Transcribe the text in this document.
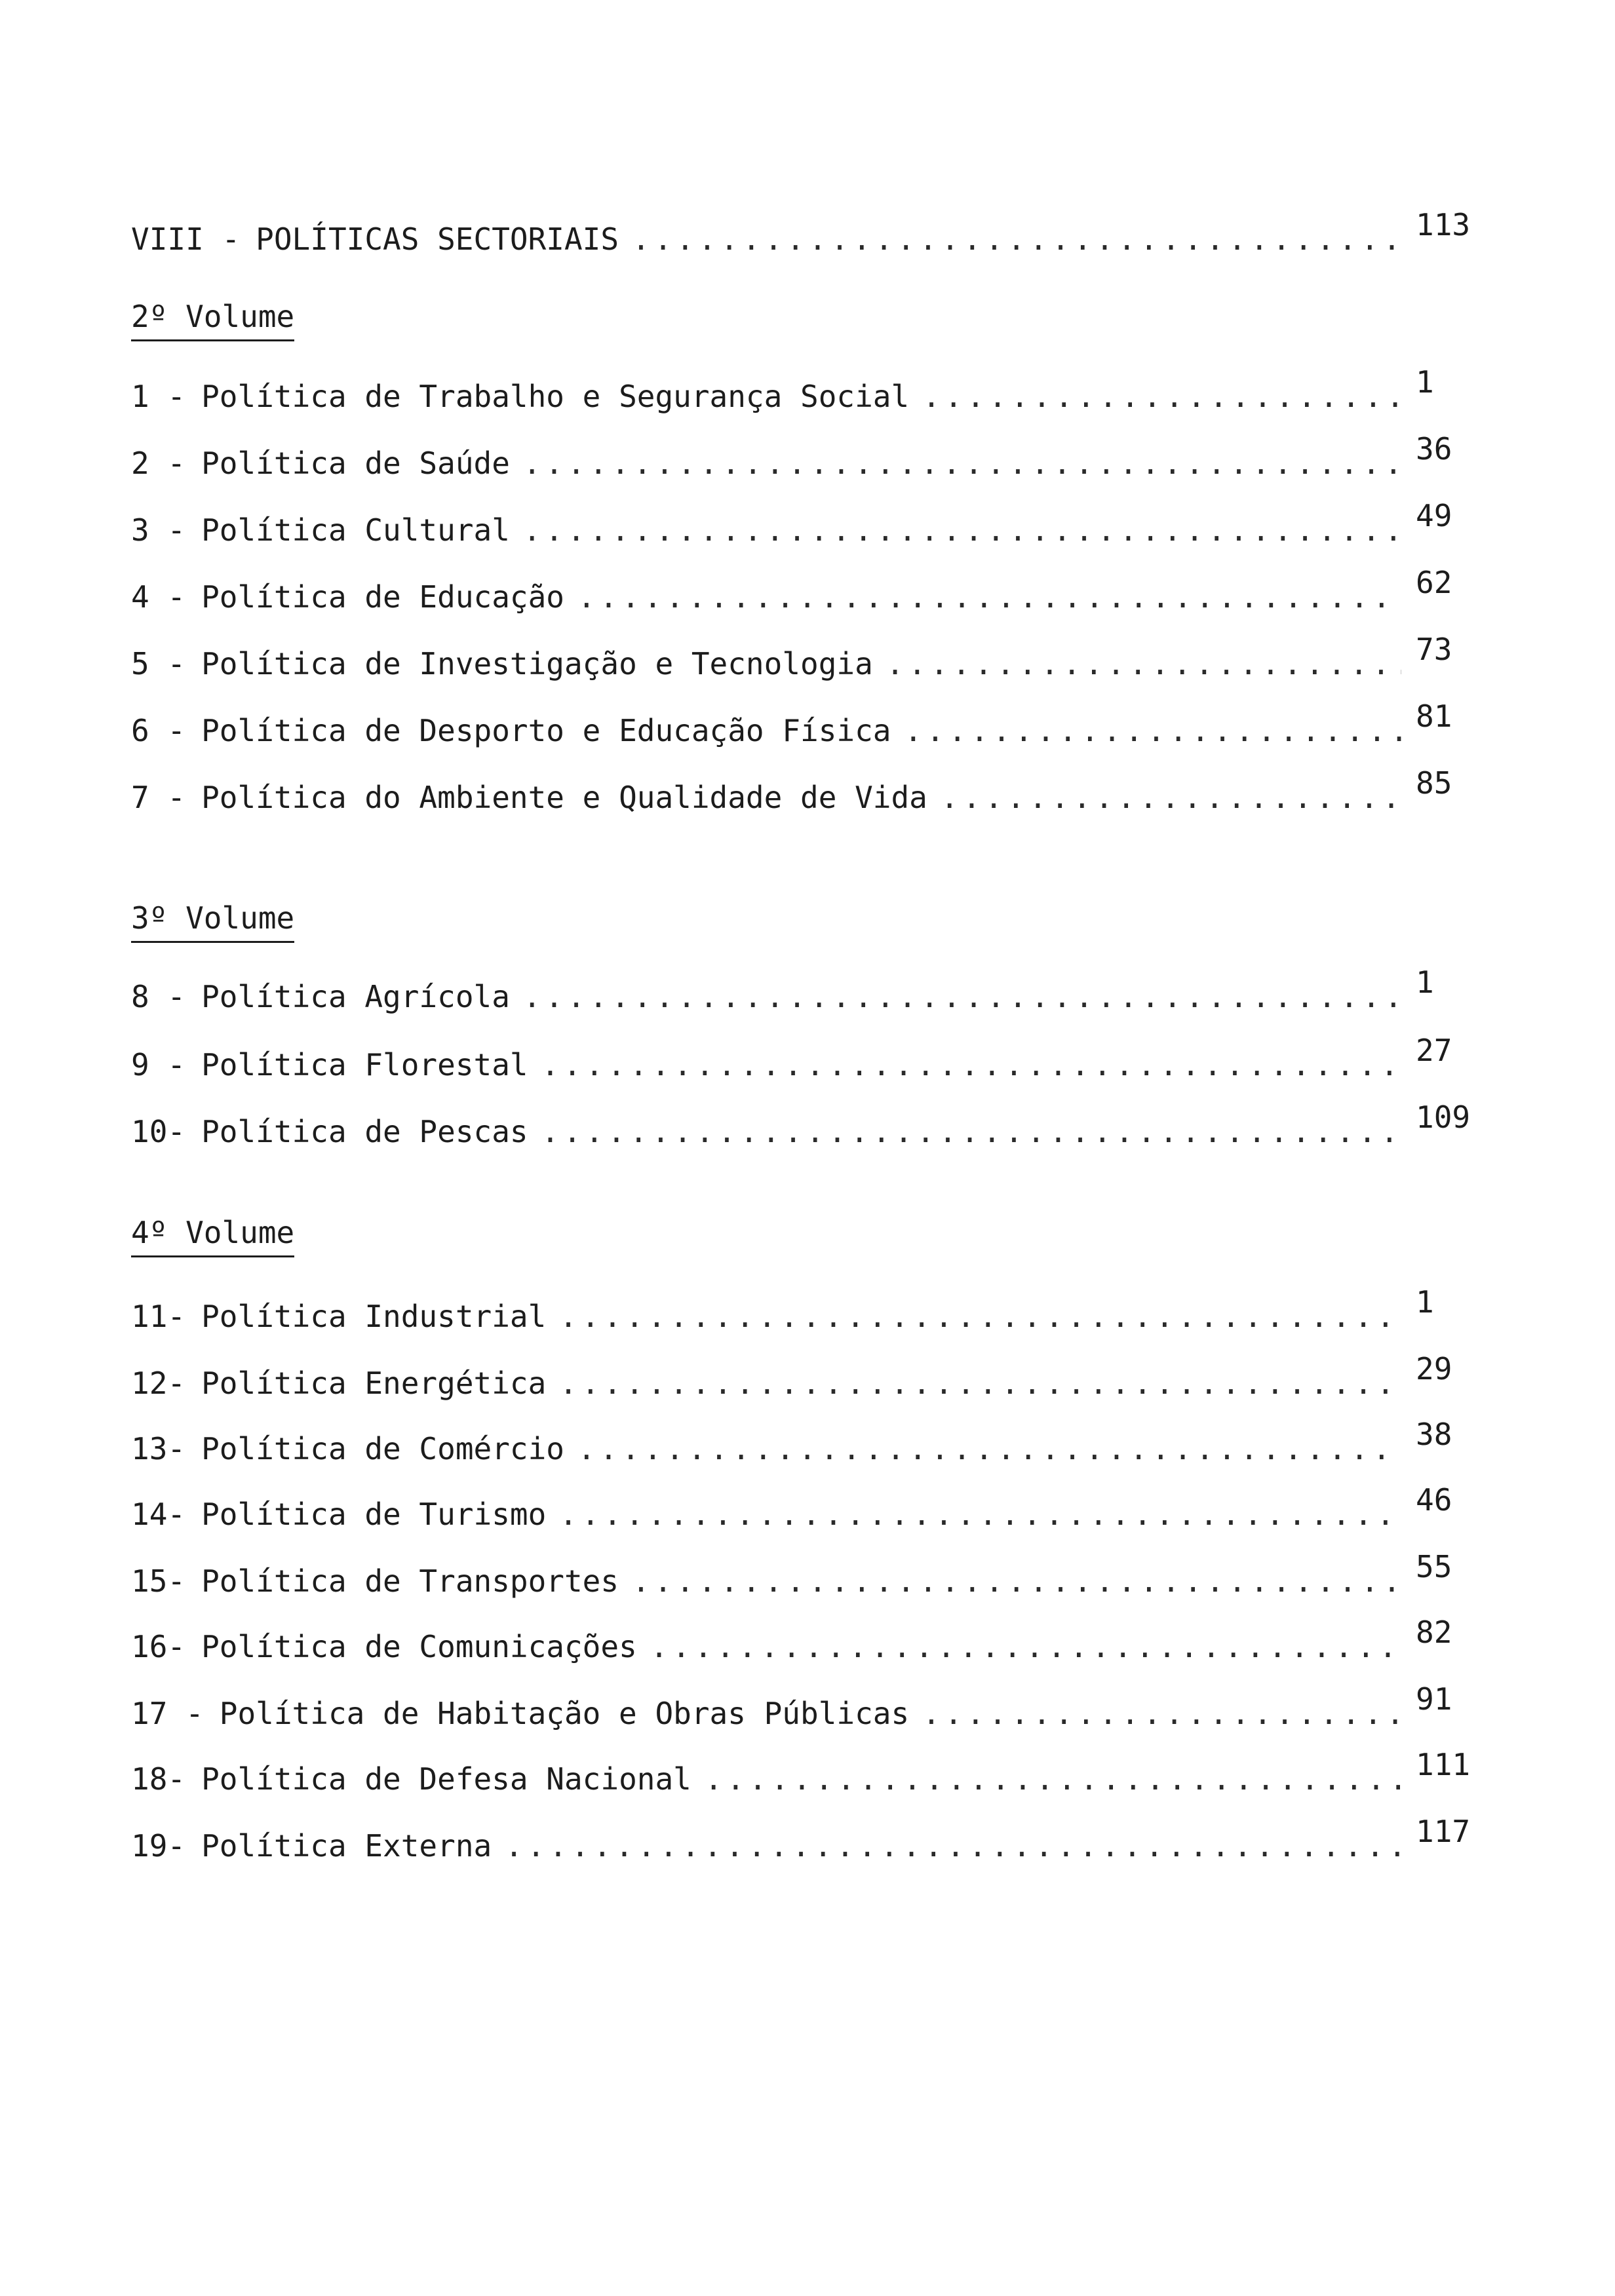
VIII - POLÍTICAS SECTORIAIS .....	113
2º Volume
1 - Política de Trabalho e Segurança Social .....	1
2 - Política de Saúde .....	36
3 - Política Cultural .....	49
4 - Política de Educação .....	62
5 - Política de Investigação e Tecnologia .....	73
6 - Política de Desporto e Educação Física .....	81
7 - Política do Ambiente e Qualidade de Vida .....	85
3º Volume
8 - Política Agrícola .....	1
9 - Política Florestal .....	27
10- Política de Pescas .....	109
4º Volume
11- Política Industrial .....	1
12- Política Energética .....	29
13- Política de Comércio .....	38
14- Política de Turismo .....	46
15- Política de Transportes .....	55
16- Política de Comunicações .....	82
17 - Política de Habitação e Obras Públicas .....	91
18- Política de Defesa Nacional .....	111
19- Política Externa .....	117
